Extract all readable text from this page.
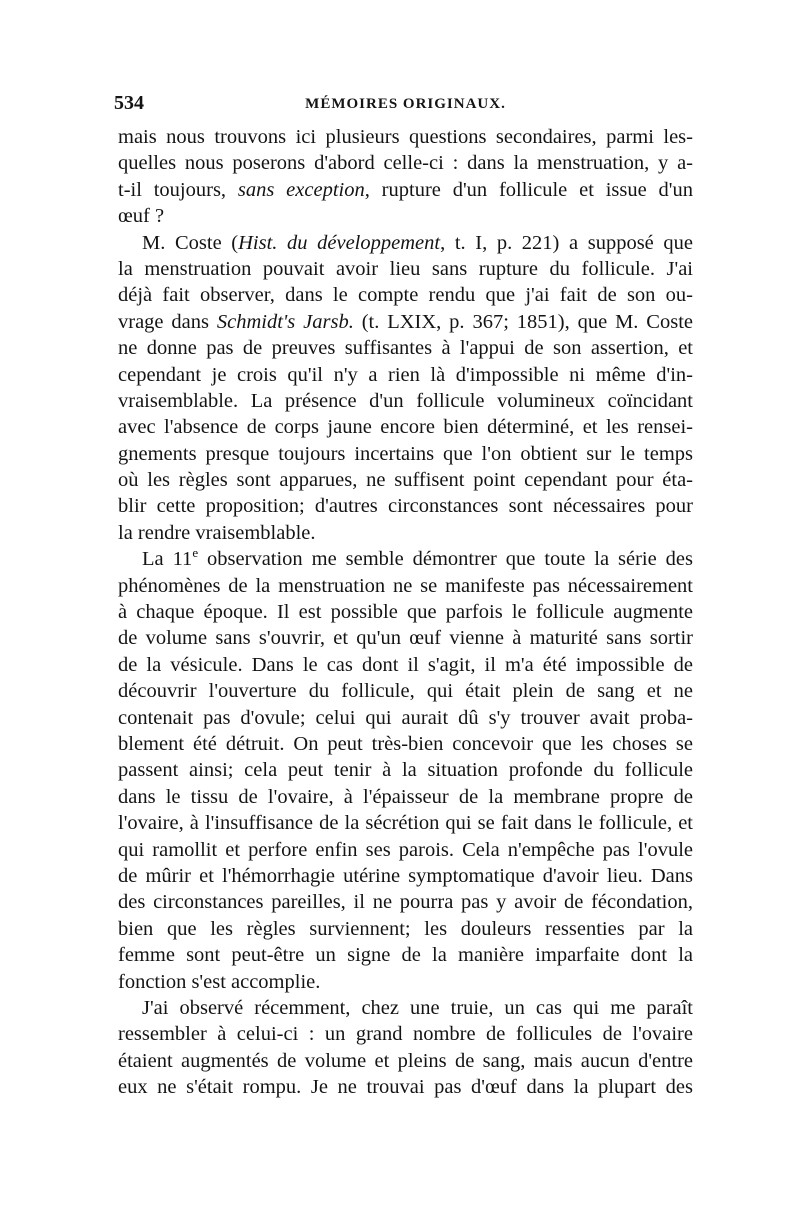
534	MÉMOIRES ORIGINAUX.
mais nous trouvons ici plusieurs questions secondaires, parmi les-
quelles nous poserons d'abord celle-ci : dans la menstruation, y a-
t-il toujours, sans exception, rupture d'un follicule et issue d'un
œuf ?
M. Coste (Hist. du développement, t. I, p. 221) a supposé que
la menstruation pouvait avoir lieu sans rupture du follicule. J'ai
déjà fait observer, dans le compte rendu que j'ai fait de son ou-
vrage dans Schmidt's Jarsb. (t. LXIX, p. 367; 1851), que M. Coste
ne donne pas de preuves suffisantes à l'appui de son assertion, et
cependant je crois qu'il n'y a rien là d'impossible ni même d'in-
vraisemblable. La présence d'un follicule volumineux coïncidant
avec l'absence de corps jaune encore bien déterminé, et les rensei-
gnements presque toujours incertains que l'on obtient sur le temps
où les règles sont apparues, ne suffisent point cependant pour éta-
blir cette proposition; d'autres circonstances sont nécessaires pour
la rendre vraisemblable.
La 11e observation me semble démontrer que toute la série des
phénomènes de la menstruation ne se manifeste pas nécessairement
à chaque époque. Il est possible que parfois le follicule augmente
de volume sans s'ouvrir, et qu'un œuf vienne à maturité sans sortir
de la vésicule. Dans le cas dont il s'agit, il m'a été impossible de
découvrir l'ouverture du follicule, qui était plein de sang et ne
contenait pas d'ovule; celui qui aurait dû s'y trouver avait proba-
blement été détruit. On peut très-bien concevoir que les choses se
passent ainsi; cela peut tenir à la situation profonde du follicule
dans le tissu de l'ovaire, à l'épaisseur de la membrane propre de
l'ovaire, à l'insuffisance de la sécrétion qui se fait dans le follicule, et
qui ramollit et perfore enfin ses parois. Cela n'empêche pas l'ovule
de mûrir et l'hémorrhagie utérine symptomatique d'avoir lieu. Dans
des circonstances pareilles, il ne pourra pas y avoir de fécondation,
bien que les règles surviennent; les douleurs ressenties par la
femme sont peut-être un signe de la manière imparfaite dont la
fonction s'est accomplie.
J'ai observé récemment, chez une truie, un cas qui me paraît
ressembler à celui-ci : un grand nombre de follicules de l'ovaire
étaient augmentés de volume et pleins de sang, mais aucun d'entre
eux ne s'était rompu. Je ne trouvai pas d'œuf dans la plupart des
